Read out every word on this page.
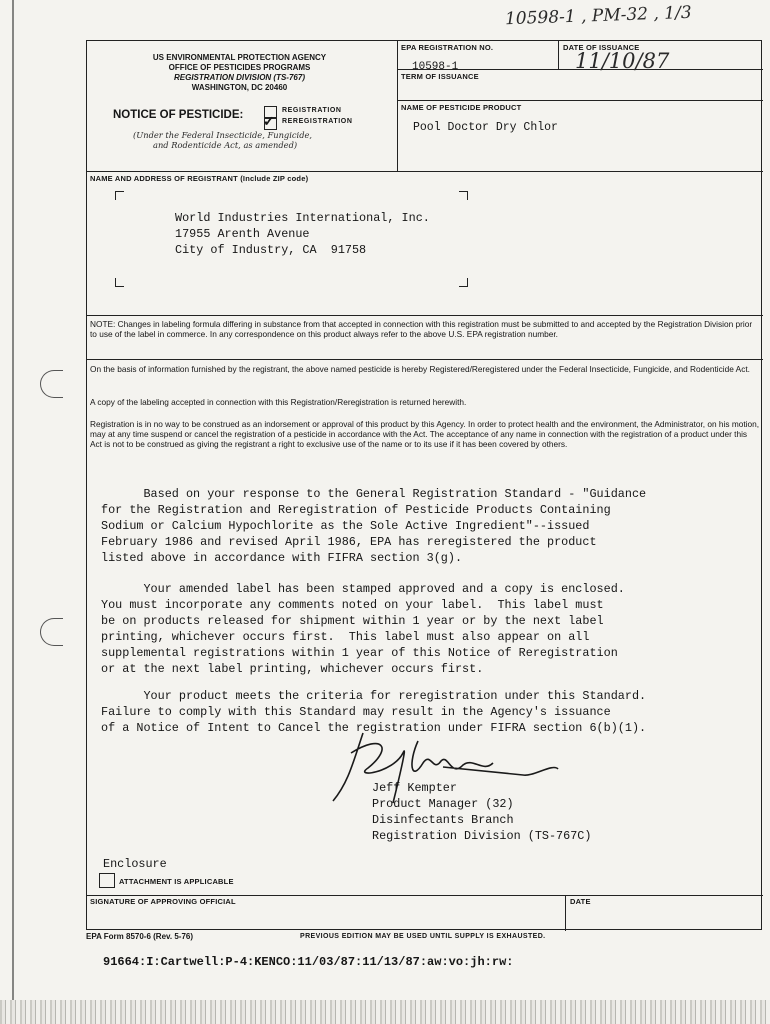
10598-1 , PM-32 , 1/3
US ENVIRONMENTAL PROTECTION AGENCY
OFFICE OF PESTICIDES PROGRAMS
REGISTRATION DIVISION (TS-767)
WASHINGTON, DC 20460
NOTICE OF PESTICIDE:	REGISTRATION
✓ REREGISTRATION
(Under the Federal Insecticide, Fungicide,
and Rodenticide Act, as amended)
EPA REGISTRATION NO.
10598-1
DATE OF ISSUANCE
11/10/87
TERM OF ISSUANCE
NAME OF PESTICIDE PRODUCT
Pool Doctor Dry Chlor
NAME AND ADDRESS OF REGISTRANT (Include ZIP code)
World Industries International, Inc.
17955 Arenth Avenue
City of Industry, CA  91758
NOTE: Changes in labeling formula differing in substance from that accepted in connection with this registration must be submitted to and accepted by the Registration Division prior to use of the label in commerce. In any correspondence on this product always refer to the above U.S. EPA registration number.
On the basis of information furnished by the registrant, the above named pesticide is hereby Registered/Reregistered under the Federal Insecticide, Fungicide, and Rodenticide Act.
A copy of the labeling accepted in connection with this Registration/Reregistration is returned herewith.
Registration is in no way to be construed as an indorsement or approval of this product by this Agency. In order to protect health and the environment, the Administrator, on his motion, may at any time suspend or cancel the registration of a pesticide in accordance with the Act. The acceptance of any name in connection with the registration of a product under this Act is not to be construed as giving the registrant a right to exclusive use of the name or to its use if it has been covered by others.
Based on your response to the General Registration Standard - "Guidance
for the Registration and Reregistration of Pesticide Products Containing
Sodium or Calcium Hypochlorite as the Sole Active Ingredient"--issued
February 1986 and revised April 1986, EPA has reregistered the product
listed above in accordance with FIFRA section 3(g).
Your amended label has been stamped approved and a copy is enclosed.
You must incorporate any comments noted on your label.  This label must
be on products released for shipment within 1 year or by the next label
printing, whichever occurs first.  This label must also appear on all
supplemental registrations within 1 year of this Notice of Reregistration
or at the next label printing, whichever occurs first.
Your product meets the criteria for reregistration under this Standard.
Failure to comply with this Standard may result in the Agency's issuance
of a Notice of Intent to Cancel the registration under FIFRA section 6(b)(1).
Jeff Kempter
Product Manager (32)
Disinfectants Branch
Registration Division (TS-767C)
Enclosure
ATTACHMENT IS APPLICABLE
SIGNATURE OF APPROVING OFFICIAL	DATE
EPA Form 8570-6 (Rev. 5-76)	PREVIOUS EDITION MAY BE USED UNTIL SUPPLY IS EXHAUSTED.
91664:I:Cartwell:P-4:KENCO:11/03/87:11/13/87:aw:vo:jh:rw:
